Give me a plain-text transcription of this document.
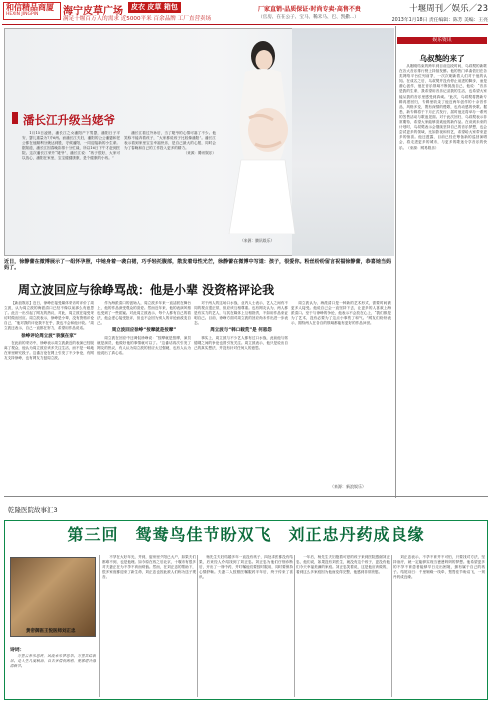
和信精品商厦
HEXIN JINGPIN	海宁皮草广场	皮衣 皮草 箱包
满足十堰百万人的需求 近5000平米 百余品牌 工厂直营卖场
厂家直销·品质保证·时尚专卖·高售不贵
（官房、在在公子、宝马、稀禾马、巴、凯撒...）
十堰周刊／娱乐／23
2013年1月18日 责任编辑：陈芳 美编：王亮
潘长江升级当姥爷

1月15日凌晨，潘长江之女潘阳产下男婴，潘阳日子平安，婴儿重量为7斤6两。而潘长江夫妇，潘阳的公公潘婆和老公都在他顺利分娩达到胜，守候潘阳，一同迎接新的小生命。据知道，潘长江因春晚彩排十分忙碌，所以16日下午才赶到医院。这次潘长江荣升“姥爷”，潘长江说：“孩子很好，大家可以放心，潘阳在家里，宝宝健健康康，是个健康的小孩。”

潘长江看过外孙后，当了姥爷的心情可嘉了不少。他笑称不能奔着孩子，“大家都说孩子比较像潘阳”。潘长江表示看到家里宝宝幸福快乐，是自己最大的心愿，同时会为了春晚和自己的工作投入更多的精力。

（来源：腾讯娱乐）

（来源：腾讯娱乐）
近日，徐静蕾在微博展示了一组怀孕照，中她身着一袭白裙，巧手轻托腹部，散发着母性光芒，徐静蕾在微博中写道：孩子，很爱你。粉丝纷纷留言祝福徐静蕾，恭喜她当妈妈了。
娱乐资讯
乌叔獒的来了

从刚刚结束的跨年到目前这段时间，乌叔獒的新歌在各大音乐排行榜上持续发酵。他的热门单曲依旧在各类网络平台位列前茅，一次次刷新着人们对于他的认知。在成名之后，乌叔獒并没有停止前进的脚步，而是潜心创作，他在音乐领域不断挑战自己，他说：“音乐是我的生命，我希望用音乐记录我的生活，也希望大家能从我的音乐里感受到真诚。”此次，乌叔獒将携新专辑再度回归，专辑里收录了他近两年创作的十余首作品，风格多变，既有深情的慢歌，也有动感的快歌。据悉，新专辑将于下月正式发行，届时他还将举办一系列的签售活动与歌迷见面。对于此次回归，乌叔獒表示非常期待，希望大家能够喜欢他的新作品。在谈到未来的计划时，乌叔獒表示会继续坚持自己的音乐梦想，也会尝试更多的领域，比如影视和综艺，希望给大家带来更多的惊喜。他还透露，目前已经在筹备新的巡回演唱会，将走进更多的城市，与更多的歌迷分享音乐的快乐。（来源：网易娱乐）

周立波回应与徐峥骂战：他是小辈 没资格评论我

【新浪娱乐】近日，徐峥在接受媒体采访时评价了周立波，认为周立波的海派清口已经不像以前那么有意思了。此言一出引起了网友的热议，对此，周立波在接受采访时做出回应。周立波表示，徐峥是小辈，没有资格评论自己，“他对我的评论我不在乎，我也不会和他计较。”周立波还表示，自己一直都在努力，希望用作品说话。

徐峥评论周立波“表演在家”

在此前的采访中，徐峥表示周立波最近的表演已经脱离了观众，他认为周立波应该多关注生活，而不是一味地在家里研究段子。这番言论在网上引发了不少争论，有网友支持徐峥，也有网友力挺周立波。

作为海派清口的创始人，周立波多年来一直活跃在舞台上，他的作品深受观众的喜爱。然而近年来，他的表演风格也受到了一些质疑。对此周立波表示，每个人都有自己的看法，他会虚心接受批评，但也不会因为别人的评论而改变自己。

周立波回应徐峥“按摩就是按摩”

周立波在回应中还调侃徐峥说：“按摩就是按摩，演员就是演员，他做好他的事情就可以了。”这番话再次引发了网友的热议，有人认为周立波的回应太过强硬，也有人认为他说出了真心话。

对于两人的这场口水战，业内人士表示，艺人之间有不同的观点很正常，但应该互相尊重。也有网友认为，两人都是有实力的艺人，与其在媒体上互相指责，不如用作品来证明自己。目前，徐峥方面对周立波的回应尚未作出进一步表态。

周立波与“韩口载荒”是 何恩怨

事实上，周立波与不少艺人都有过口水战，此前他与郭德纲之间的争论也曾引发关注。周立波表示，他只是说出自己的真实想法，并没有针对任何人的意思。

周立波认为，海派清口是一种新的艺术形式，需要时间被更多人接受。他说自己会一直坚持下去，让更多的人喜欢上海派清口。至于与徐峥的争论，他表示不会放在心上，“我们都是为了艺术，没有必要为了这点小事伤了和气。”网友们纷纷表示，期待两人在各自的领域都能有更好的作品问世。

（来源：新浪娱乐）
乾隆医院故事汇3
第三回　鸳鸯鸟佳节盼双飞　刘正忠丹药成良缘
黄帝御医王悦医师刘正忠
诗词：

万里云养乐思将，风流来乐梦思华。万里共结新居。是人生几度秋凉，自古多情伤离别，更那堪冷落清秋节。

不孕在大好年光，并到，厨房里夕阳已大户，如果夫们都难不到，也是他理。如今原在孩之后北京，十堰市有很多对夫妻正在为不孕不育而烦恼。然而，在刘正忠的帮助下，很多家庭都迎来了新生命，刘正忠也因此被人们称为送子观音。

杨先生夫妇结婚多年一直没有孩子，四处求医都没有结果，后来经人介绍找到了刘正忠。刘正忠为他们仔细诊断后，开出了一剂中药，并叮嘱他们要按时服用，同时要保持心情舒畅。夫妻二人按照医嘱服药半年后，终于传来了喜讯。

一年后，杨先生夫妇抱着可爱的孩子来到医院感谢刘正忠，他们说，如果没有刘医生，就没有这个孩子，更没有他们今天幸福美满的家庭。刘正忠笑着说，这是他应该做的，看到这么多家庭因为他而变得完整，他感到非常欣慰。

刘正忠表示，不孕不育并不可怕，只要找对方法，坚持治疗，就一定能够实现当爸爸妈妈的梦想。他希望更多的不孕不育患者能够早日走出困境，拥有属于自己的孩子。结尾诗曰：千里姻缘一线牵，鸳鸯佳节盼双飞，一剂丹药成良缘。
